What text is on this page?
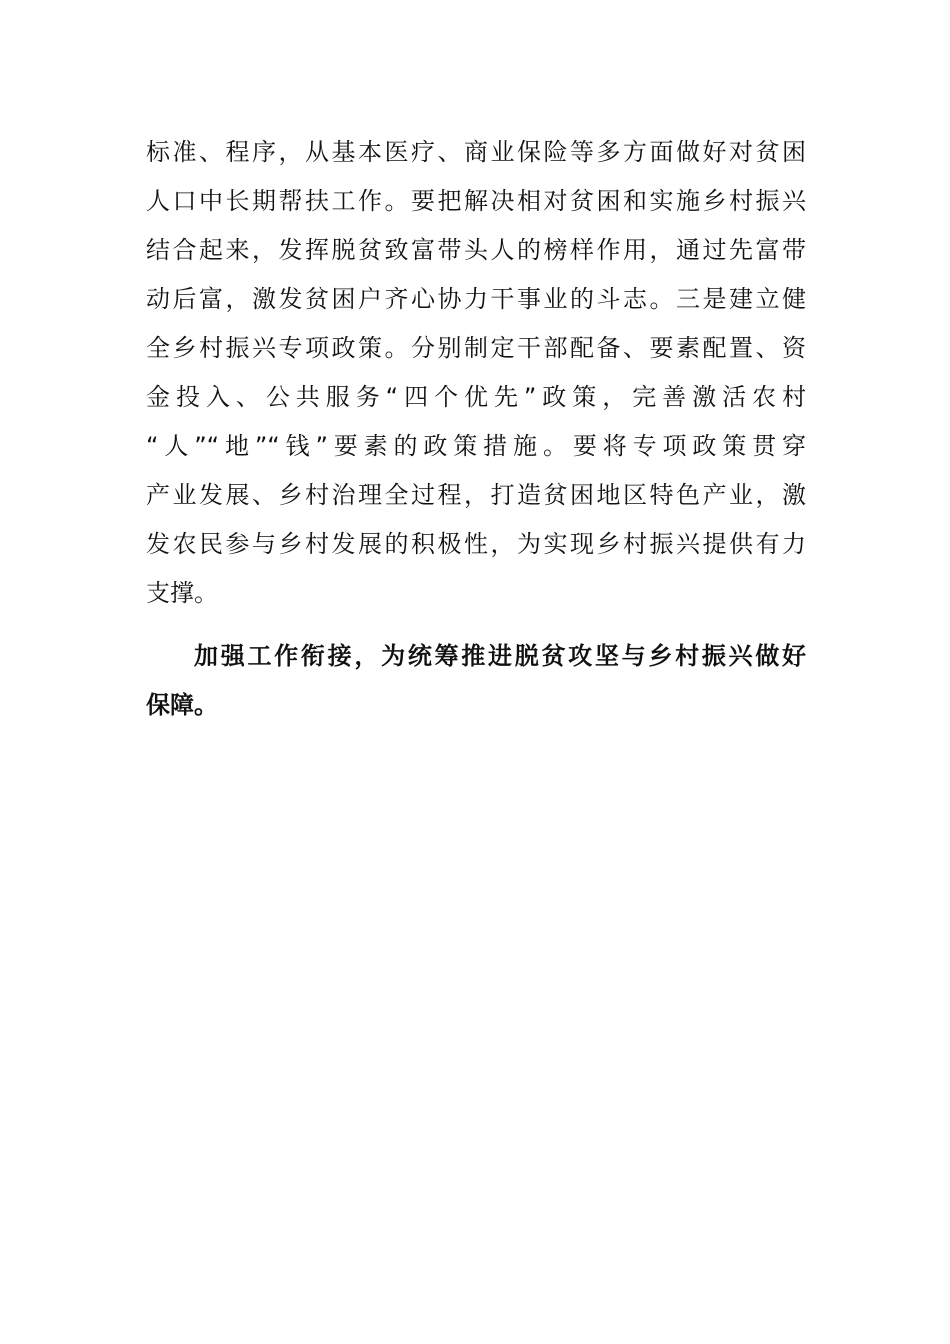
标准、程序，从基本医疗、商业保险等多方面做好对贫困
人口中长期帮扶工作。要把解决相对贫困和实施乡村振兴
结合起来，发挥脱贫致富带头人的榜样作用，通过先富带
动后富，激发贫困户齐心协力干事业的斗志。三是建立健
全乡村振兴专项政策。分别制定干部配备、要素配置、资
金投入、公共服务“四个优先”政策，完善激活农村
“人”“地”“钱”要素的政策措施。要将专项政策贯穿
产业发展、乡村治理全过程，打造贫困地区特色产业，激
发农民参与乡村发展的积极性，为实现乡村振兴提供有力
支撑。
加强工作衔接，为统筹推进脱贫攻坚与乡村振兴做好
保障。
